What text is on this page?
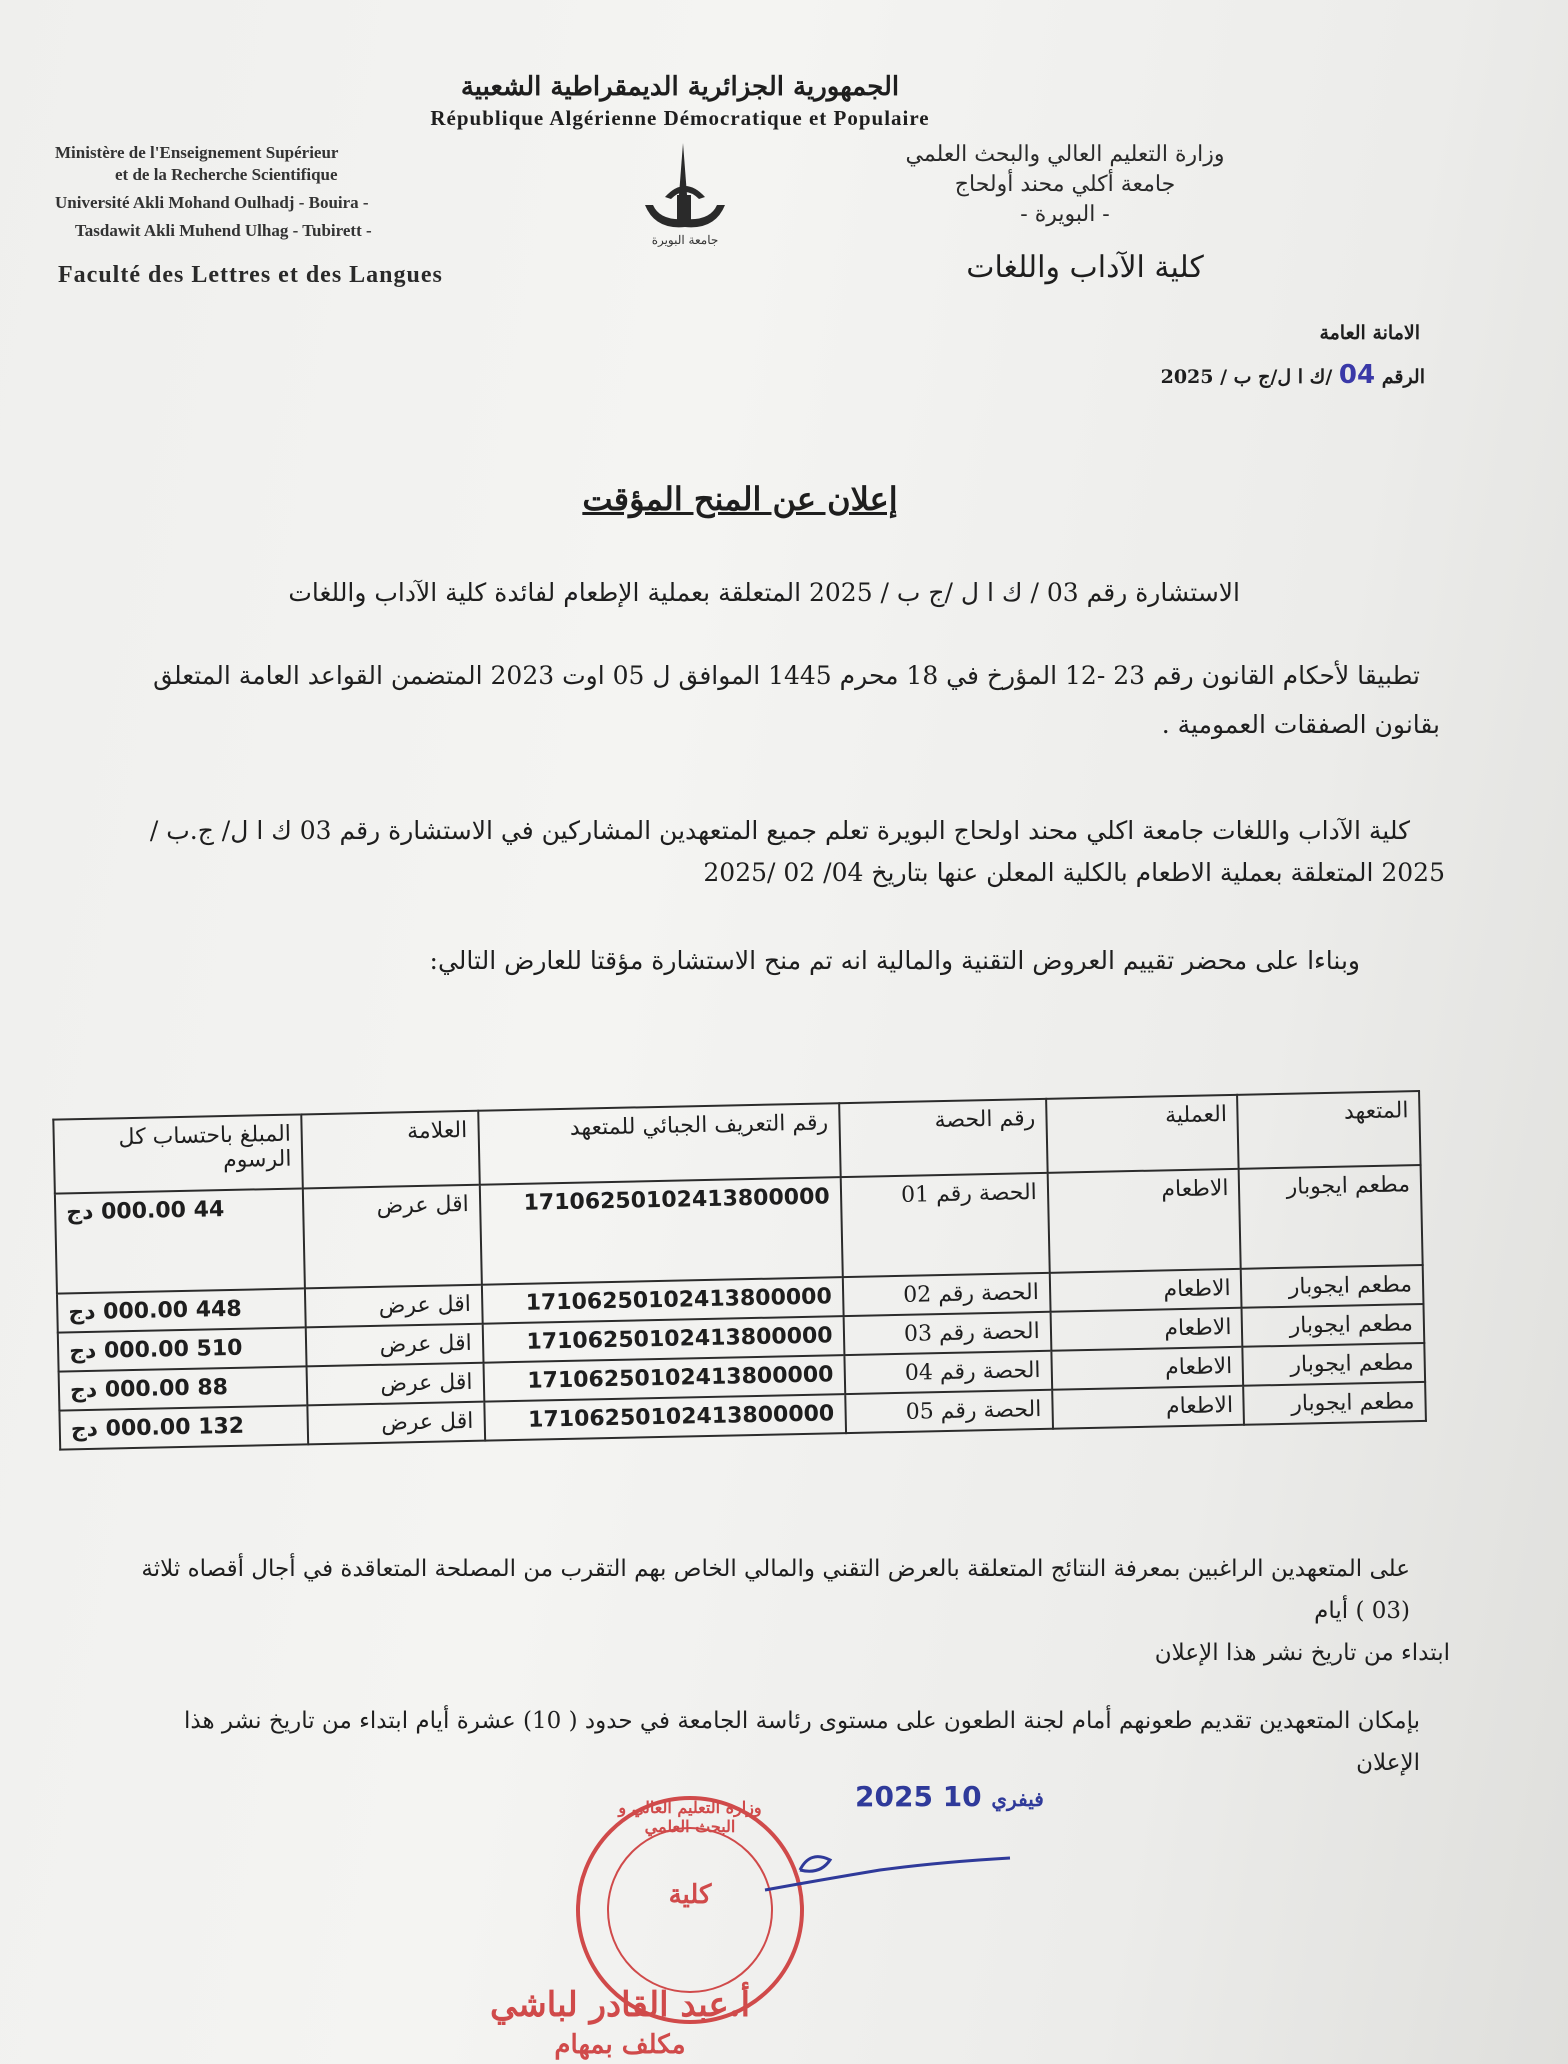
الجمهورية الجزائرية الديمقراطية الشعبية
République Algérienne Démocratique et Populaire
Ministère de l'Enseignement Supérieur
et de la Recherche Scientifique
Université Akli Mohand Oulhadj - Bouira -
Tasdawit Akli Muhend Ulhag - Tubirett -
Faculté des Lettres et des Langues
جامعة البويرة
وزارة التعليم العالي والبحث العلمي
جامعة أكلي محند أولحاج
- البويرة -
كلية الآداب واللغات
الامانة العامة
الرقم 04 /ك ا ل/ج ب / 2025
إعلان عن المنح المؤقت
الاستشارة رقم 03 / ك ا ل /ج ب / 2025 المتعلقة بعملية الإطعام لفائدة كلية الآداب واللغات
تطبيقا لأحكام القانون رقم 23 -12 المؤرخ في 18 محرم 1445 الموافق ل 05 اوت 2023 المتضمن القواعد العامة المتعلق
بقانون الصفقات العمومية .
كلية الآداب واللغات جامعة اكلي محند اولحاج البويرة تعلم جميع المتعهدين المشاركين في الاستشارة رقم 03 ك ا ل/ ج.ب /
2025 المتعلقة بعملية الاطعام بالكلية المعلن عنها بتاريخ 04/ 02 /2025
وبناءا على محضر تقييم العروض التقنية والمالية انه تم منح الاستشارة مؤقتا للعارض التالي:
المتعهد	العملية	رقم الحصة	رقم التعريف الجبائي للمتعهد	العلامة	المبلغ باحتساب كل الرسوم
مطعم ايجوبار	الاطعام	الحصة رقم 01	17106250102413800000	اقل عرض	44 000.00 دج
مطعم ايجوبار	الاطعام	الحصة رقم 02	17106250102413800000	اقل عرض	448 000.00 دج
مطعم ايجوبار	الاطعام	الحصة رقم 03	17106250102413800000	اقل عرض	510 000.00 دج
مطعم ايجوبار	الاطعام	الحصة رقم 04	17106250102413800000	اقل عرض	88 000.00 دج
مطعم ايجوبار	الاطعام	الحصة رقم 05	17106250102413800000	اقل عرض	132 000.00 دج
على المتعهدين الراغبين بمعرفة النتائج المتعلقة بالعرض التقني والمالي الخاص بهم التقرب من المصلحة المتعاقدة في أجال أقصاه ثلاثة (03 ) أيام
ابتداء من تاريخ نشر هذا الإعلان
بإمكان المتعهدين تقديم طعونهم أمام لجنة الطعون على مستوى رئاسة الجامعة في حدود ( 10) عشرة أيام ابتداء من تاريخ نشر هذا الإعلان
2025	فيفري 10
وزارة التعليم العالي و البحث العلمي
كلية
أ.عبد القادر لباشي
مكلف بمهام
